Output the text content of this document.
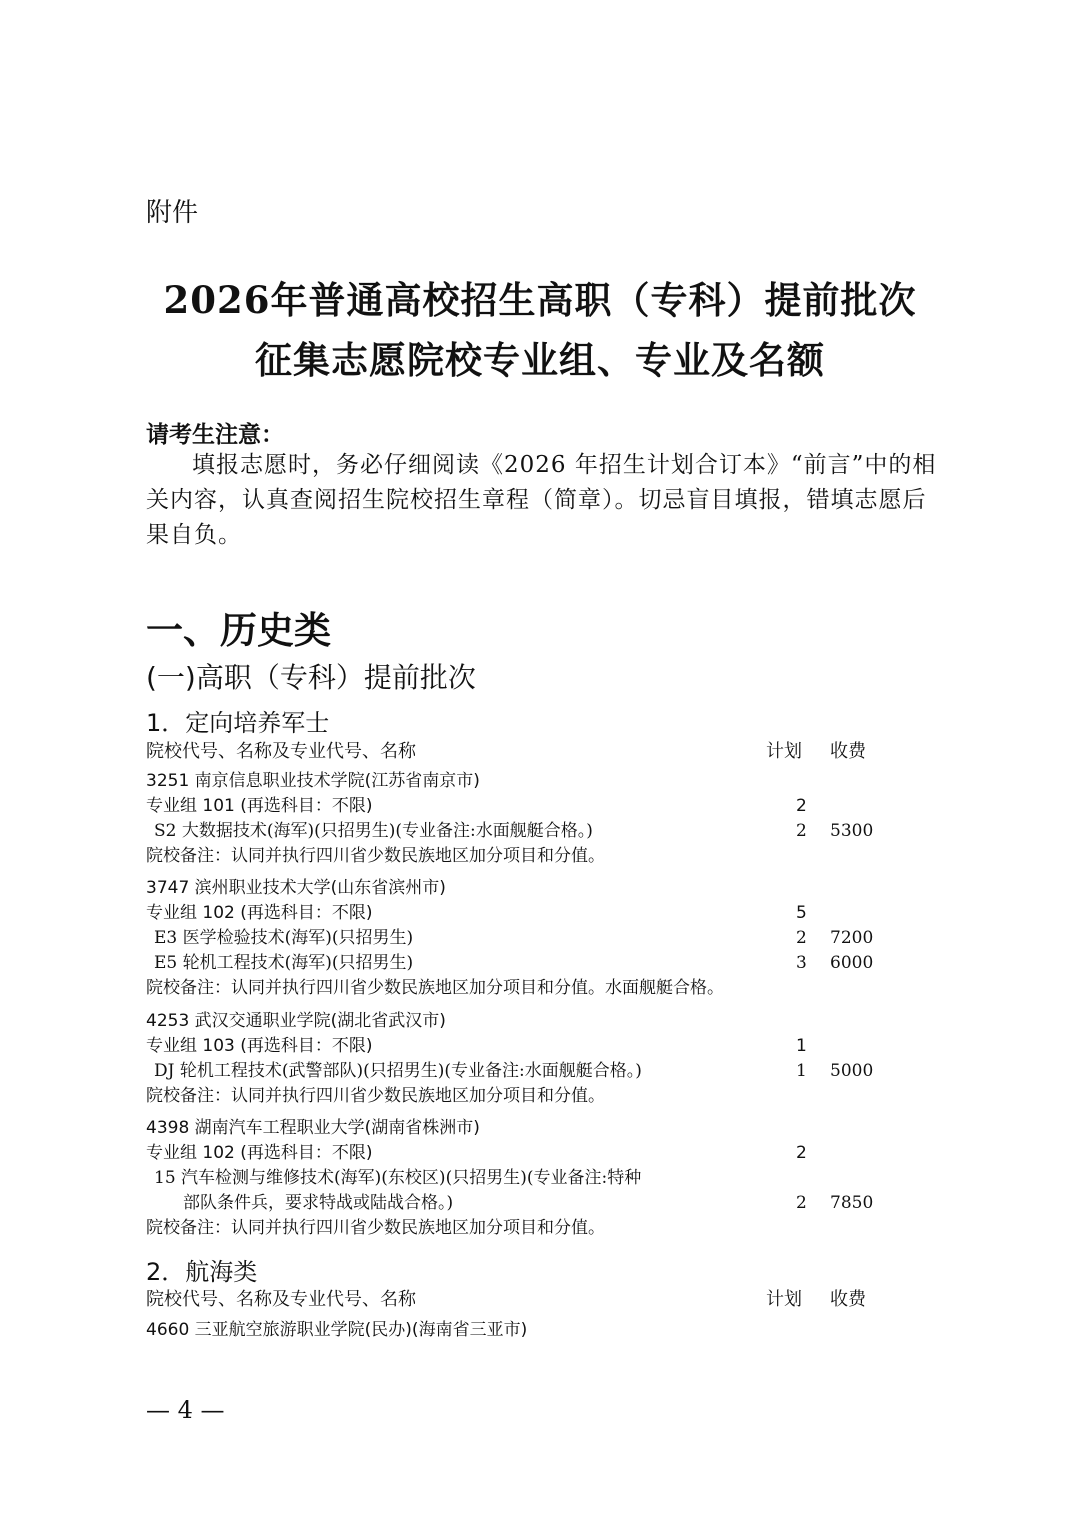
附件
2026年普通高校招生高职（专科）提前批次
征集志愿院校专业组、专业及名额
请考生注意：
填报志愿时，务必仔细阅读《2026 年招生计划合订本》“前言”中的相关内容，认真查阅招生院校招生章程（简章）。切忌盲目填报，错填志愿后果自负。
一、历史类
(一)高职（专科）提前批次
1．定向培养军士
院校代号、名称及专业代号、名称	计划 收费
3251 南京信息职业技术学院(江苏省南京市)
专业组 101 (再选科目：不限)	2
S2 大数据技术(海军)(只招男生)(专业备注:水面舰艇合格。)	2 5300
院校备注：认同并执行四川省少数民族地区加分项目和分值。
3747 滨州职业技术大学(山东省滨州市)
专业组 102 (再选科目：不限)	5
E3 医学检验技术(海军)(只招男生)	2 7200
E5 轮机工程技术(海军)(只招男生)	3 6000
院校备注：认同并执行四川省少数民族地区加分项目和分值。水面舰艇合格。
4253 武汉交通职业学院(湖北省武汉市)
专业组 103 (再选科目：不限)	1
DJ 轮机工程技术(武警部队)(只招男生)(专业备注:水面舰艇合格。)	1 5000
院校备注：认同并执行四川省少数民族地区加分项目和分值。
4398 湖南汽车工程职业大学(湖南省株洲市)
专业组 102 (再选科目：不限)	2
15 汽车检测与维修技术(海军)(东校区)(只招男生)(专业备注:特种
部队条件兵，要求特战或陆战合格。)	2 7850
院校备注：认同并执行四川省少数民族地区加分项目和分值。
2．航海类
院校代号、名称及专业代号、名称	计划 收费
4660 三亚航空旅游职业学院(民办)(海南省三亚市)
— 4 —
